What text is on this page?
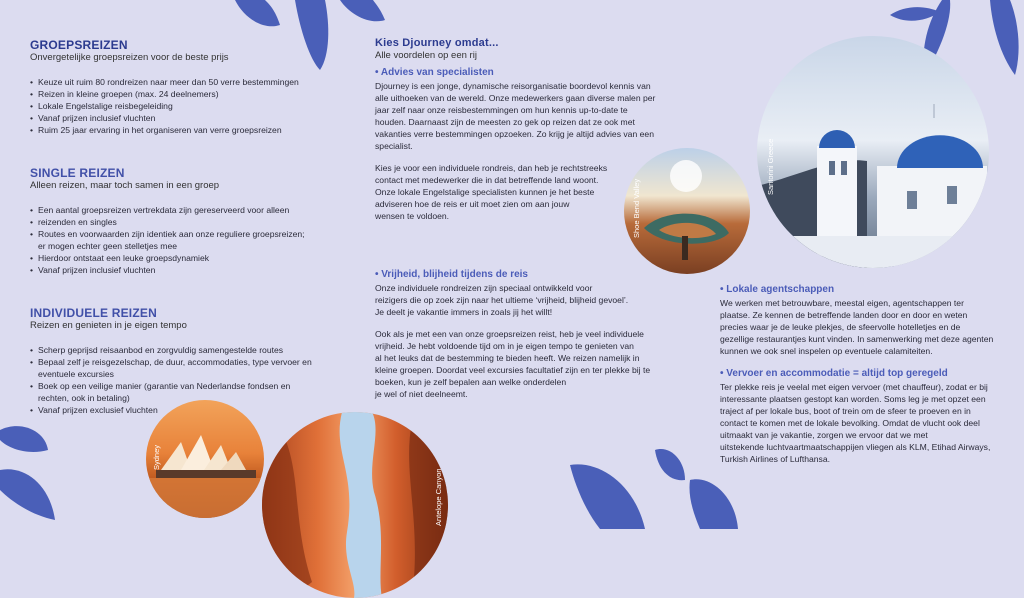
GROEPSREIZEN
Onvergetelijke groepsreizen voor de beste prijs
• Keuze uit ruim 80 rondreizen naar meer dan 50 verre bestemmingen
• Reizen in kleine groepen (max. 24 deelnemers)
• Lokale Engelstalige reisbegeleiding
• Vanaf prijzen inclusief vluchten
• Ruim 25 jaar ervaring in het organiseren van verre groepsreizen
SINGLE REIZEN
Alleen reizen, maar toch samen in een groep
• Een aantal groepsreizen vertrekdata zijn gereserveerd voor alleen
• reizenden en singles
• Routes en voorwaarden zijn identiek aan onze reguliere groepsreizen;
er mogen echter geen stelletjes mee
• Hierdoor ontstaat een leuke groepsdynamiek
• Vanaf prijzen inclusief vluchten
INDIVIDUELE REIZEN
Reizen en genieten in je eigen tempo
• Scherp geprijsd reisaanbod en zorgvuldig samengestelde routes
• Bepaal zelf je reisgezelschap, de duur, accommodaties, type vervoer en
eventuele excursies
• Boek op een veilige manier (garantie van Nederlandse fondsen en
rechten, ook in betaling)
• Vanaf prijzen exclusief vluchten
Kies Djourney omdat...
Alle voordelen op een rij
• Advies van specialisten

Djourney is een jonge, dynamische reisorganisatie boordevol kennis van
alle uithoeken van de wereld. Onze medewerkers gaan diverse malen per
jaar zelf naar onze reisbestemmingen om hun kennis up-to-date te
houden. Daarnaast zijn de meesten zo gek op reizen dat ze ook met
vakanties verre bestemmingen opzoeken. Zo krijg je altijd advies van een
specialist.

Kies je voor een individuele rondreis, dan heb je rechtstreeks
contact met medewerker die in dat betreffende land woont.
Onze lokale Engelstalige specialisten kunnen je het beste
adviseren hoe de reis er uit moet zien om aan jouw
wensen te voldoen.

• Vrijheid, blijheid tijdens de reis

Onze individuele rondreizen zijn speciaal ontwikkeld voor
reizigers die op zoek zijn naar het ultieme ‘vrijheid, blijheid gevoel’.
Je deelt je vakantie immers in zoals jij het willt!

Ook als je met een van onze groepsreizen reist, heb je veel individuele
vrijheid. Je hebt voldoende tijd om in je eigen tempo te genieten van
al het leuks dat de bestemming te bieden heeft. We reizen namelijk in
kleine groepen. Doordat veel excursies facultatief zijn en ter plekke bij te
boeken, kun je zelf bepalen aan welke onderdelen
je wel of niet deelneemt.

• Lokale agentschappen

We werken met betrouwbare, meestal eigen, agentschappen ter
plaatse. Ze kennen de betreffende landen door en door en weten
precies waar je de leuke plekjes, de sfeervolle hotelletjes en de
gezellige restaurantjes kunt vinden. In samenwerking met deze agenten
kunnen we ook snel inspelen op eventuele calamiteiten.

• Vervoer en accommodatie = altijd top geregeld

Ter plekke reis je veelal met eigen vervoer (met chauffeur), zodat er bij
interessante plaatsen gestopt kan worden. Soms leg je met opzet een
traject af per lokale bus, boot of trein om de sfeer te proeven en in
contact te komen met de lokale bevolking. Omdat de vlucht ook deel
uitmaakt van je vakantie, zorgen we ervoor dat we met
uitstekende luchtvaartmaatschappijen vliegen als KLM, Etihad Airways,
Turkish Airlines of Lufthansa.

Santorini Greece
Shoe Bend Valley
Sydney
Antelope Canyon
